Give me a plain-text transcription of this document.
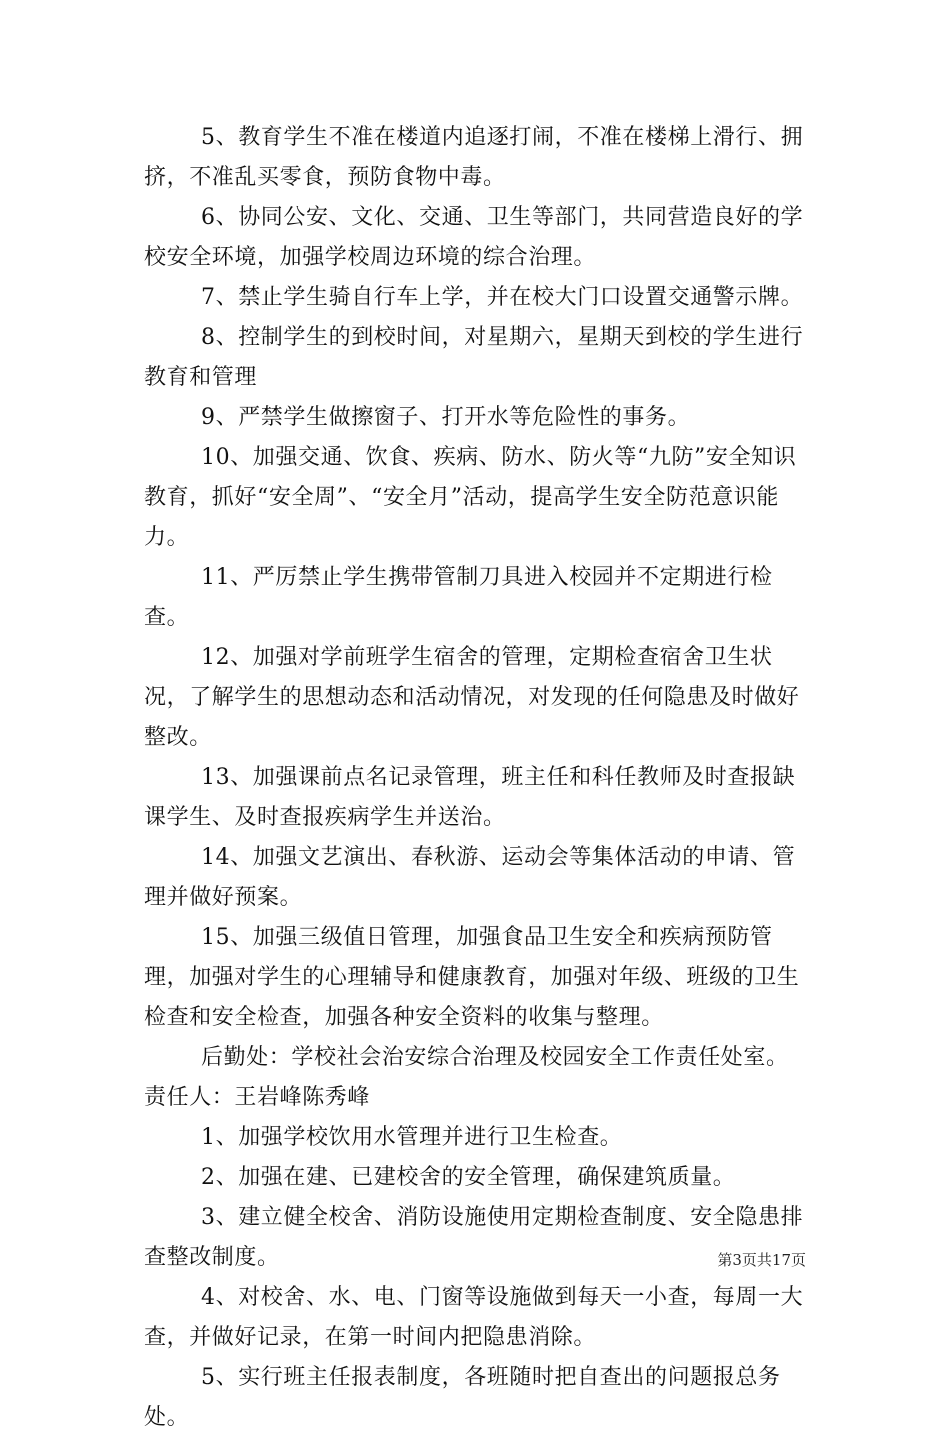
5、教育学生不准在楼道内追逐打闹，不准在楼梯上滑行、拥挤，不准乱买零食，预防食物中毒。

6、协同公安、文化、交通、卫生等部门，共同营造良好的学校安全环境，加强学校周边环境的综合治理。

7、禁止学生骑自行车上学，并在校大门口设置交通警示牌。

8、控制学生的到校时间，对星期六，星期天到校的学生进行教育和管理

9、严禁学生做擦窗子、打开水等危险性的事务。

10、加强交通、饮食、疾病、防水、防火等“九防”安全知识教育，抓好“安全周”、“安全月”活动，提高学生安全防范意识能力。

11、严厉禁止学生携带管制刀具进入校园并不定期进行检查。

12、加强对学前班学生宿舍的管理，定期检查宿舍卫生状况，了解学生的思想动态和活动情况，对发现的任何隐患及时做好整改。

13、加强课前点名记录管理，班主任和科任教师及时查报缺课学生、及时查报疾病学生并送治。

14、加强文艺演出、春秋游、运动会等集体活动的申请、管理并做好预案。

15、加强三级值日管理，加强食品卫生安全和疾病预防管理，加强对学生的心理辅导和健康教育，加强对年级、班级的卫生检查和安全检查，加强各种安全资料的收集与整理。

后勤处：学校社会治安综合治理及校园安全工作责任处室。责任人：王岩峰陈秀峰

1、加强学校饮用水管理并进行卫生检查。

2、加强在建、已建校舍的安全管理，确保建筑质量。

3、建立健全校舍、消防设施使用定期检查制度、安全隐患排查整改制度。

4、对校舍、水、电、门窗等设施做到每天一小查，每周一大查，并做好记录，在第一时间内把隐患消除。

5、实行班主任报表制度，各班随时把自查出的问题报总务处。

第3页共17页
